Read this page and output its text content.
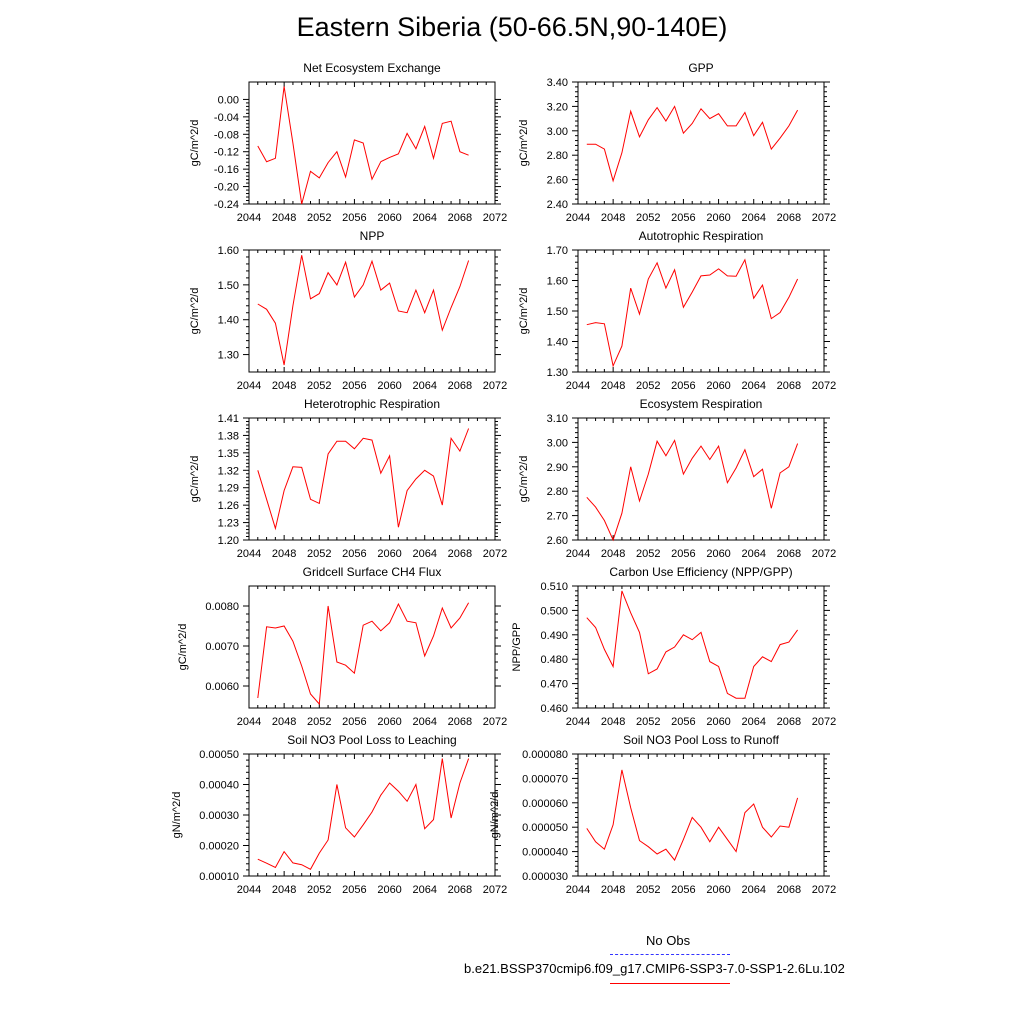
Eastern Siberia (50-66.5N,90-140E)
Net Ecosystem Exchange
gC/m^2/d
2044 2048 2052 2056 2060 2064 2068 2072
0.00
-0.04
-0.08
-0.12
-0.16
-0.20
-0.24
GPP
gC/m^2/d
2044 2048 2052 2056 2060 2064 2068 2072
3.40
3.20
3.00
2.80
2.60
2.40
NPP
gC/m^2/d
2044 2048 2052 2056 2060 2064 2068 2072
1.60
1.50
1.40
1.30
Autotrophic Respiration
gC/m^2/d
2044 2048 2052 2056 2060 2064 2068 2072
1.70
1.60
1.50
1.40
1.30
Heterotrophic Respiration
gC/m^2/d
2044 2048 2052 2056 2060 2064 2068 2072
1.41
1.38
1.35
1.32
1.29
1.26
1.23
1.20
Ecosystem Respiration
gC/m^2/d
2044 2048 2052 2056 2060 2064 2068 2072
3.10
3.00
2.90
2.80
2.70
2.60
Gridcell Surface CH4 Flux
gC/m^2/d
2044 2048 2052 2056 2060 2064 2068 2072
0.0080
0.0070
0.0060
Carbon Use Efficiency (NPP/GPP)
NPP/GPP
2044 2048 2052 2056 2060 2064 2068 2072
0.510
0.500
0.490
0.480
0.470
0.460
Soil NO3 Pool Loss to Leaching
gN/m^2/d
2044 2048 2052 2056 2060 2064 2068 2072
0.00050
0.00040
0.00030
0.00020
0.00010
Soil NO3 Pool Loss to Runoff
gN/m^2/d
2044 2048 2052 2056 2060 2064 2068 2072
0.000080
0.000070
0.000060
0.000050
0.000040
0.000030
No Obs
b.e21.BSSP370cmip6.f09_g17.CMIP6-SSP3-7.0-SSP1-2.6Lu.102
